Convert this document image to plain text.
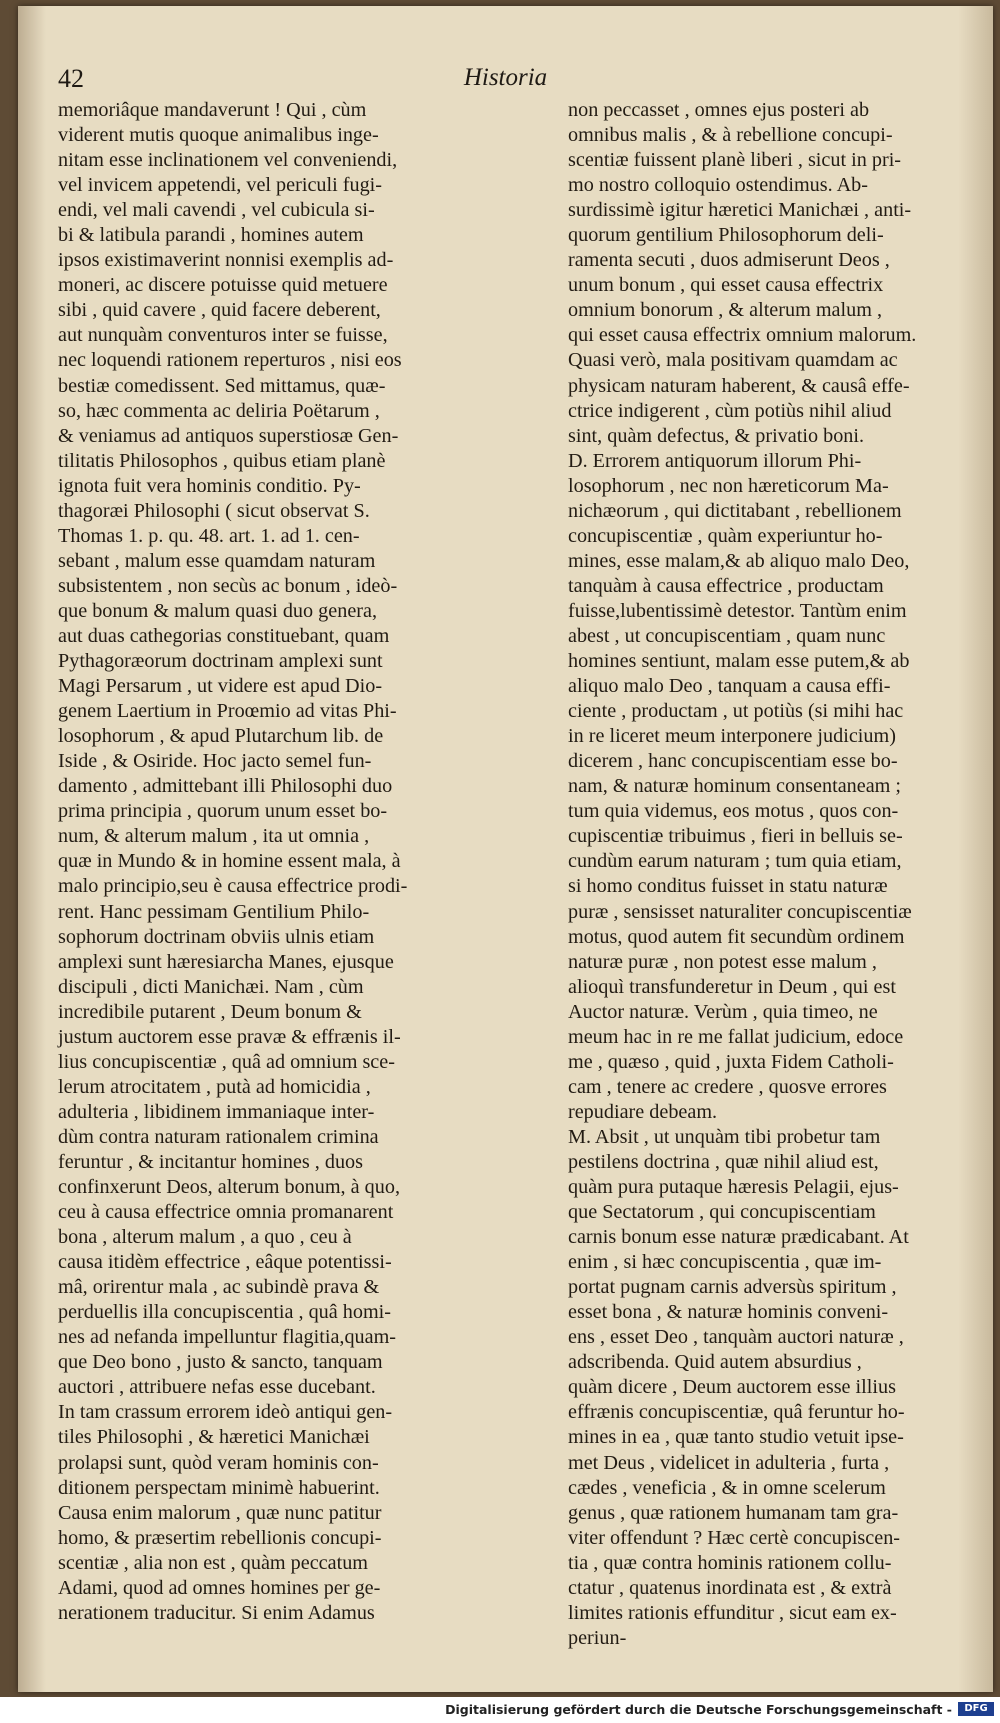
42	Historia

memoriâque mandaverunt ! Qui , cùm

viderent mutis quoque animalibus inge-

nitam esse inclinationem vel conveniendi,

vel invicem appetendi, vel periculi fugi-

endi, vel mali cavendi , vel cubicula si-

bi & latibula parandi , homines autem

ipsos existimaverint nonnisi exemplis ad-

moneri, ac discere potuisse quid metuere

sibi , quid cavere , quid facere deberent,

aut nunquàm conventuros inter se fuisse,

nec loquendi rationem reperturos , nisi eos

bestiæ comedissent. Sed mittamus, quæ-

so, hæc commenta ac deliria Poëtarum ,

& veniamus ad antiquos superstiosæ Gen-

tilitatis Philosophos , quibus etiam planè

ignota fuit vera hominis conditio. Py-

thagoræi Philosophi ( sicut observat S.

Thomas 1. p. qu. 48. art. 1. ad 1. cen-

sebant , malum esse quamdam naturam

subsistentem , non secùs ac bonum , ideò-

que bonum & malum quasi duo genera,

aut duas cathegorias constituebant, quam

Pythagoræorum doctrinam amplexi sunt

Magi Persarum , ut videre est apud Dio-

genem Laertium in Proœmio ad vitas Phi-

losophorum , & apud Plutarchum lib. de

Iside , & Osiride. Hoc jacto semel fun-

damento , admittebant illi Philosophi duo

prima principia , quorum unum esset bo-

num, & alterum malum , ita ut omnia ,

quæ in Mundo & in homine essent mala, à

malo principio,seu è causa effectrice prodi-

rent. Hanc pessimam Gentilium Philo-

sophorum doctrinam obviis ulnis etiam

amplexi sunt hæresiarcha Manes, ejusque

discipuli , dicti Manichæi. Nam , cùm

incredibile putarent , Deum bonum &

justum auctorem esse pravæ & effrænis il-

lius concupiscentiæ , quâ ad omnium sce-

lerum atrocitatem , putà ad homicidia ,

adulteria , libidinem immaniaque inter-

dùm contra naturam rationalem crimina

feruntur , & incitantur homines , duos

confinxerunt Deos, alterum bonum, à quo,

ceu à causa effectrice omnia promanarent

bona , alterum malum , a quo , ceu à

causa itidèm effectrice , eâque potentissi-

mâ, orirentur mala , ac subindè prava &

perduellis illa concupiscentia , quâ homi-

nes ad nefanda impelluntur flagitia,quam-

que Deo bono , justo & sancto, tanquam

auctori , attribuere nefas esse ducebant.

In tam crassum errorem ideò antiqui gen-

tiles Philosophi , & hæretici Manichæi

prolapsi sunt, quòd veram hominis con-

ditionem perspectam minimè habuerint.

Causa enim malorum , quæ nunc patitur

homo, & præsertim rebellionis concupi-

scentiæ , alia non est , quàm peccatum

Adami, quod ad omnes homines per ge-

nerationem traducitur. Si enim Adamus

non peccasset , omnes ejus posteri ab

omnibus malis , & à rebellione concupi-

scentiæ fuissent planè liberi , sicut in pri-

mo nostro colloquio ostendimus. Ab-

surdissimè igitur hæretici Manichæi , anti-

quorum gentilium Philosophorum deli-

ramenta secuti , duos admiserunt Deos ,

unum bonum , qui esset causa effectrix

omnium bonorum , & alterum malum ,

qui esset causa effectrix omnium malorum.

Quasi verò, mala positivam quamdam ac

physicam naturam haberent, & causâ effe-

ctrice indigerent , cùm potiùs nihil aliud

sint, quàm defectus, & privatio boni.

D. Errorem antiquorum illorum Phi-

losophorum , nec non hæreticorum Ma-

nichæorum , qui dictitabant , rebellionem

concupiscentiæ , quàm experiuntur ho-

mines, esse malam,& ab aliquo malo Deo,

tanquàm à causa effectrice , productam

fuisse,lubentissimè detestor. Tantùm enim

abest , ut concupiscentiam , quam nunc

homines sentiunt, malam esse putem,& ab

aliquo malo Deo , tanquam a causa effi-

ciente , productam , ut potiùs (si mihi hac

in re liceret meum interponere judicium)

dicerem , hanc concupiscentiam esse bo-

nam, & naturæ hominum consentaneam ;

tum quia videmus, eos motus , quos con-

cupiscentiæ tribuimus , fieri in belluis se-

cundùm earum naturam ; tum quia etiam,

si homo conditus fuisset in statu naturæ

puræ , sensisset naturaliter concupiscentiæ

motus, quod autem fit secundùm ordinem

naturæ puræ , non potest esse malum ,

alioquì transfunderetur in Deum , qui est

Auctor naturæ. Verùm , quia timeo, ne

meum hac in re me fallat judicium, edoce

me , quæso , quid , juxta Fidem Catholi-

cam , tenere ac credere , quosve errores

repudiare debeam.

M. Absit , ut unquàm tibi probetur tam

pestilens doctrina , quæ nihil aliud est,

quàm pura putaque hæresis Pelagii, ejus-

que Sectatorum , qui concupiscentiam

carnis bonum esse naturæ prædicabant. At

enim , si hæc concupiscentia , quæ im-

portat pugnam carnis adversùs spiritum ,

esset bona , & naturæ hominis conveni-

ens , esset Deo , tanquàm auctori naturæ ,

adscribenda. Quid autem absurdius ,

quàm dicere , Deum auctorem esse illius

effrænis concupiscentiæ, quâ feruntur ho-

mines in ea , quæ tanto studio vetuit ipse-

met Deus , videlicet in adulteria , furta ,

cædes , veneficia , & in omne scelerum

genus , quæ rationem humanam tam gra-

viter offendunt ? Hæc certè concupiscen-

tia , quæ contra hominis rationem collu-

ctatur , quatenus inordinata est , & extrà

limites rationis effunditur , sicut eam ex-

periun-

Digitalisierung gefördert durch die Deutsche Forschungsgemeinschaft -	DFG
